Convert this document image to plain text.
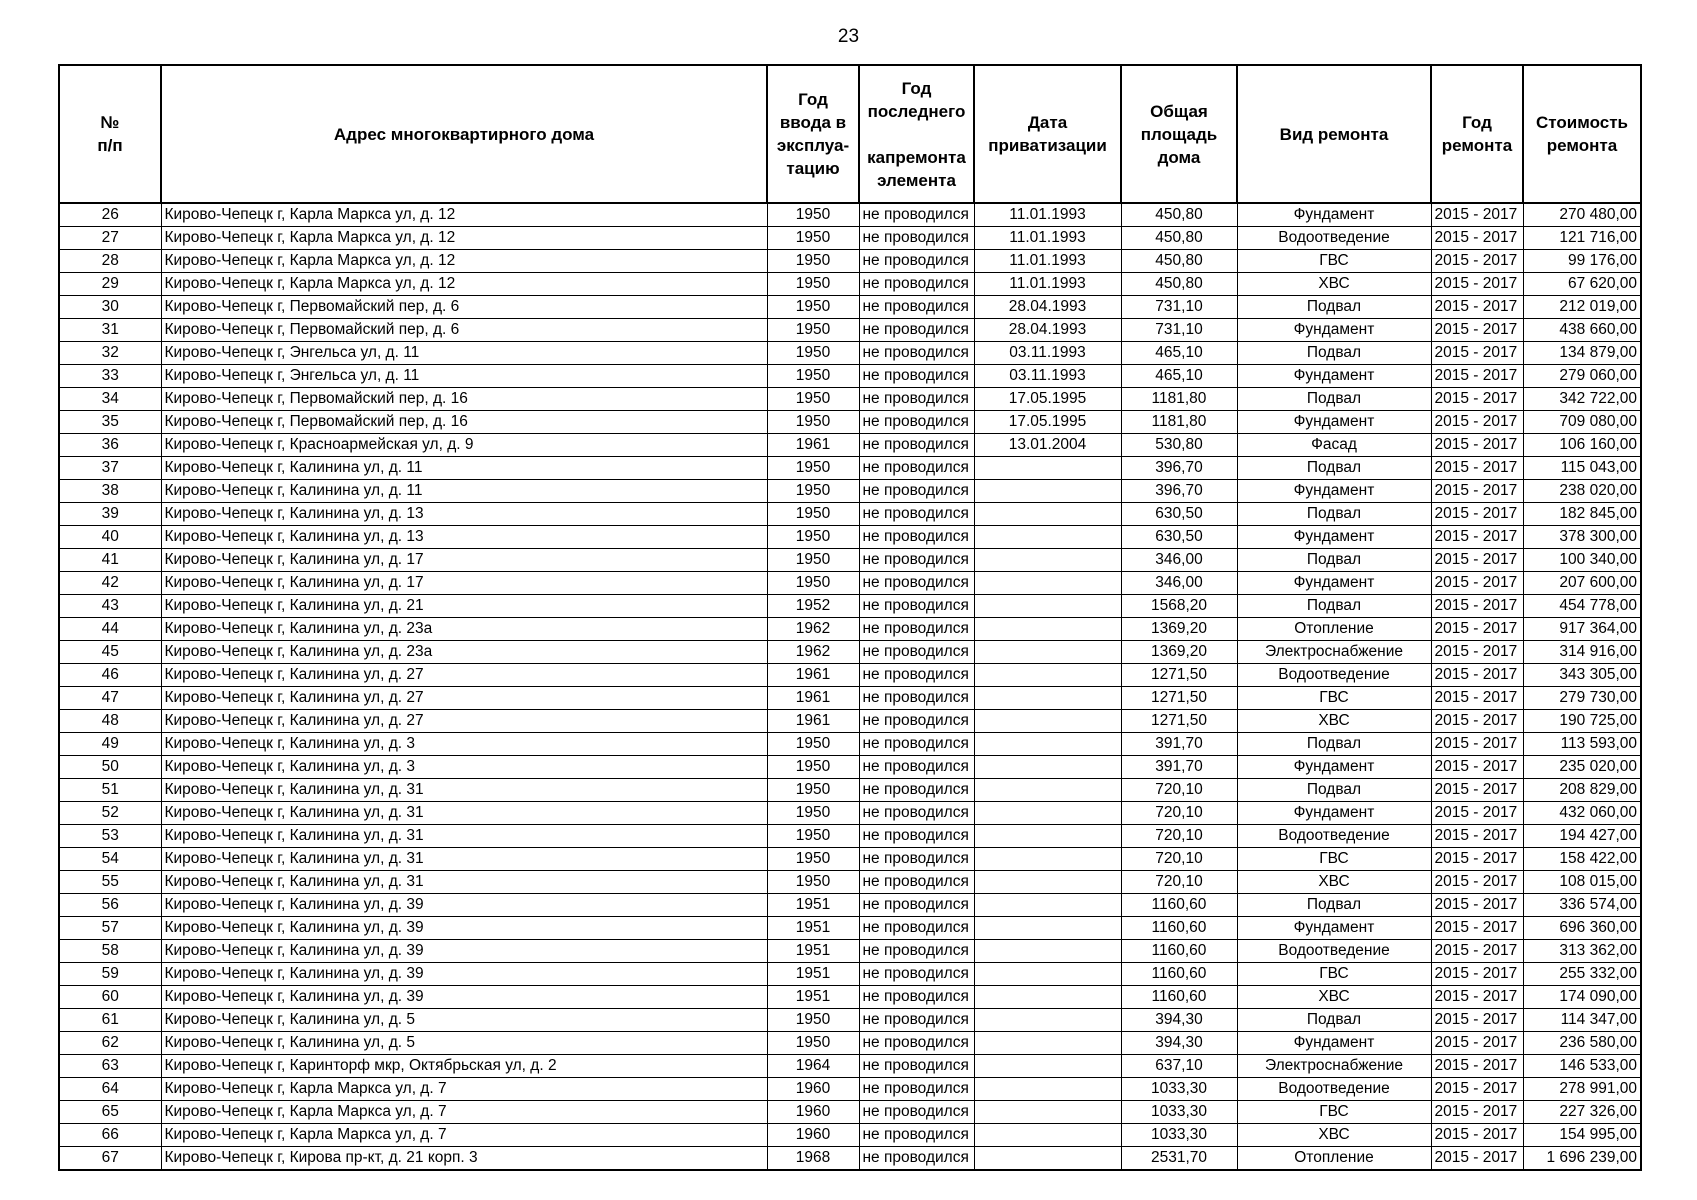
23
№
п/п	Адрес многоквартирного дома	Год
ввода в
эксплуа-
тацию	Год
последнего

капремонта
элемента	Дата
приватизации	Общая
площадь
дома	Вид ремонта	Год
ремонта	Стоимость
ремонта
26	Кирово-Чепецк г, Карла Маркса ул, д. 12	1950	не проводился	11.01.1993	450,80	Фундамент	2015 - 2017	270 480,00
27	Кирово-Чепецк г, Карла Маркса ул, д. 12	1950	не проводился	11.01.1993	450,80	Водоотведение	2015 - 2017	121 716,00
28	Кирово-Чепецк г, Карла Маркса ул, д. 12	1950	не проводился	11.01.1993	450,80	ГВС	2015 - 2017	99 176,00
29	Кирово-Чепецк г, Карла Маркса ул, д. 12	1950	не проводился	11.01.1993	450,80	ХВС	2015 - 2017	67 620,00
30	Кирово-Чепецк г, Первомайский пер, д. 6	1950	не проводился	28.04.1993	731,10	Подвал	2015 - 2017	212 019,00
31	Кирово-Чепецк г, Первомайский пер, д. 6	1950	не проводился	28.04.1993	731,10	Фундамент	2015 - 2017	438 660,00
32	Кирово-Чепецк г, Энгельса ул, д. 11	1950	не проводился	03.11.1993	465,10	Подвал	2015 - 2017	134 879,00
33	Кирово-Чепецк г, Энгельса ул, д. 11	1950	не проводился	03.11.1993	465,10	Фундамент	2015 - 2017	279 060,00
34	Кирово-Чепецк г, Первомайский пер, д. 16	1950	не проводился	17.05.1995	1181,80	Подвал	2015 - 2017	342 722,00
35	Кирово-Чепецк г, Первомайский пер, д. 16	1950	не проводился	17.05.1995	1181,80	Фундамент	2015 - 2017	709 080,00
36	Кирово-Чепецк г, Красноармейская ул, д. 9	1961	не проводился	13.01.2004	530,80	Фасад	2015 - 2017	106 160,00
37	Кирово-Чепецк г, Калинина ул, д. 11	1950	не проводился		396,70	Подвал	2015 - 2017	115 043,00
38	Кирово-Чепецк г, Калинина ул, д. 11	1950	не проводился		396,70	Фундамент	2015 - 2017	238 020,00
39	Кирово-Чепецк г, Калинина ул, д. 13	1950	не проводился		630,50	Подвал	2015 - 2017	182 845,00
40	Кирово-Чепецк г, Калинина ул, д. 13	1950	не проводился		630,50	Фундамент	2015 - 2017	378 300,00
41	Кирово-Чепецк г, Калинина ул, д. 17	1950	не проводился		346,00	Подвал	2015 - 2017	100 340,00
42	Кирово-Чепецк г, Калинина ул, д. 17	1950	не проводился		346,00	Фундамент	2015 - 2017	207 600,00
43	Кирово-Чепецк г, Калинина ул, д. 21	1952	не проводился		1568,20	Подвал	2015 - 2017	454 778,00
44	Кирово-Чепецк г, Калинина ул, д. 23а	1962	не проводился		1369,20	Отопление	2015 - 2017	917 364,00
45	Кирово-Чепецк г, Калинина ул, д. 23а	1962	не проводился		1369,20	Электроснабжение	2015 - 2017	314 916,00
46	Кирово-Чепецк г, Калинина ул, д. 27	1961	не проводился		1271,50	Водоотведение	2015 - 2017	343 305,00
47	Кирово-Чепецк г, Калинина ул, д. 27	1961	не проводился		1271,50	ГВС	2015 - 2017	279 730,00
48	Кирово-Чепецк г, Калинина ул, д. 27	1961	не проводился		1271,50	ХВС	2015 - 2017	190 725,00
49	Кирово-Чепецк г, Калинина ул, д. 3	1950	не проводился		391,70	Подвал	2015 - 2017	113 593,00
50	Кирово-Чепецк г, Калинина ул, д. 3	1950	не проводился		391,70	Фундамент	2015 - 2017	235 020,00
51	Кирово-Чепецк г, Калинина ул, д. 31	1950	не проводился		720,10	Подвал	2015 - 2017	208 829,00
52	Кирово-Чепецк г, Калинина ул, д. 31	1950	не проводился		720,10	Фундамент	2015 - 2017	432 060,00
53	Кирово-Чепецк г, Калинина ул, д. 31	1950	не проводился		720,10	Водоотведение	2015 - 2017	194 427,00
54	Кирово-Чепецк г, Калинина ул, д. 31	1950	не проводился		720,10	ГВС	2015 - 2017	158 422,00
55	Кирово-Чепецк г, Калинина ул, д. 31	1950	не проводился		720,10	ХВС	2015 - 2017	108 015,00
56	Кирово-Чепецк г, Калинина ул, д. 39	1951	не проводился		1160,60	Подвал	2015 - 2017	336 574,00
57	Кирово-Чепецк г, Калинина ул, д. 39	1951	не проводился		1160,60	Фундамент	2015 - 2017	696 360,00
58	Кирово-Чепецк г, Калинина ул, д. 39	1951	не проводился		1160,60	Водоотведение	2015 - 2017	313 362,00
59	Кирово-Чепецк г, Калинина ул, д. 39	1951	не проводился		1160,60	ГВС	2015 - 2017	255 332,00
60	Кирово-Чепецк г, Калинина ул, д. 39	1951	не проводился		1160,60	ХВС	2015 - 2017	174 090,00
61	Кирово-Чепецк г, Калинина ул, д. 5	1950	не проводился		394,30	Подвал	2015 - 2017	114 347,00
62	Кирово-Чепецк г, Калинина ул, д. 5	1950	не проводился		394,30	Фундамент	2015 - 2017	236 580,00
63	Кирово-Чепецк г, Каринторф мкр, Октябрьская ул, д. 2	1964	не проводился		637,10	Электроснабжение	2015 - 2017	146 533,00
64	Кирово-Чепецк г, Карла Маркса ул, д. 7	1960	не проводился		1033,30	Водоотведение	2015 - 2017	278 991,00
65	Кирово-Чепецк г, Карла Маркса ул, д. 7	1960	не проводился		1033,30	ГВС	2015 - 2017	227 326,00
66	Кирово-Чепецк г, Карла Маркса ул, д. 7	1960	не проводился		1033,30	ХВС	2015 - 2017	154 995,00
67	Кирово-Чепецк г, Кирова пр-кт, д. 21 корп. 3	1968	не проводился		2531,70	Отопление	2015 - 2017	1 696 239,00
